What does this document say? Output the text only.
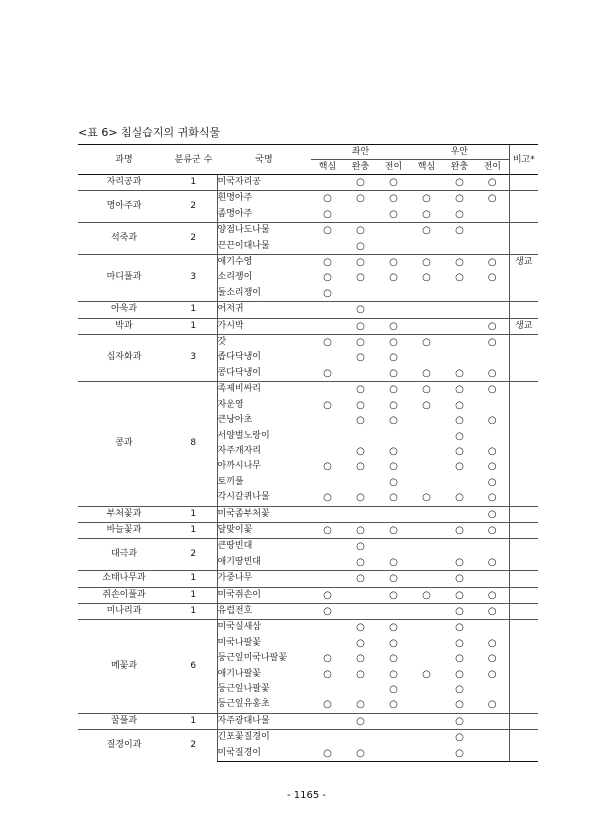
<표 6> 침실습지의 귀화식물
과명	분류군 수	국명	좌안			우안			비고*
			핵심	완충	전이	핵심	완충	전이	
자리공과	1	미국자리공		○	○		○	○	
명아주과	2	흰명아주	○	○	○	○	○	○	
		좀명아주	○		○	○	○		
석죽과	2	양점나도나물	○	○		○	○		
		끈끈이대나물		○					
마디풀과	3	애기수영	○	○	○	○	○	○	생교
		소리쟁이	○	○	○	○	○	○	
		돌소리쟁이	○						
아욱과	1	어저귀		○					
박과	1	가시박		○	○			○	생교
십자화과	3	갓	○	○	○	○		○	
		좁다닥냉이		○	○				
		콩다닥냉이	○		○	○	○	○	
콩과	8	족제비싸리		○	○	○	○	○	
		자운영	○	○	○	○	○		
		큰낭아초		○	○		○	○	
		서양벌노랑이					○		
		자주개자리		○	○		○	○	
		아까시나무	○	○	○		○	○	
		토끼풀			○			○	
		각시갈퀴나물	○	○	○	○	○	○	
부처꽃과	1	미국좀부처꽃						○	
바늘꽃과	1	달맞이꽃	○	○	○		○	○	
대극과	2	큰땅빈대		○					
		애기땅빈대		○	○		○	○	
소태나무과	1	가중나무		○	○		○		
쥐손이풀과	1	미국쥐손이	○		○	○	○	○	
미나리과	1	유럽전호	○				○	○	
메꽃과	6	미국실새삼		○	○		○		
		미국나팔꽃		○	○		○	○	
		둥근잎미국나팔꽃	○	○	○		○	○	
		애기나팔꽃	○	○	○	○	○	○	
		둥근잎나팔꽃			○		○		
		둥근잎유홍초	○	○	○		○	○	
꿀풀과	1	자주광대나물		○			○		
질경이과	2	긴포꽃질경이					○		
		미국질경이	○	○			○		
- 1165 -
